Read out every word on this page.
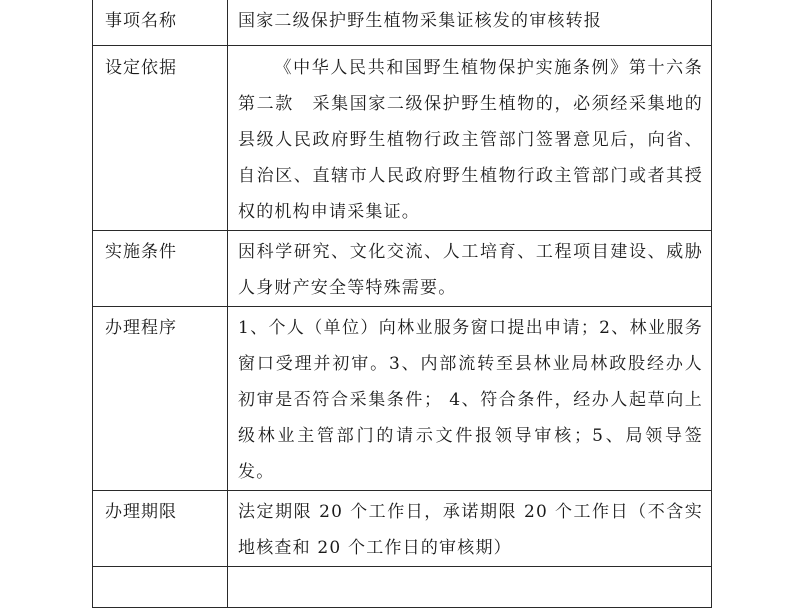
事项名称	国家二级保护野生植物采集证核发的审核转报
设定依据	《中华人民共和国野生植物保护实施条例》第十六条第二款　采集国家二级保护野生植物的，必须经采集地的县级人民政府野生植物行政主管部门签署意见后，向省、自治区、直辖市人民政府野生植物行政主管部门或者其授权的机构申请采集证。
实施条件	因科学研究、文化交流、人工培育、工程项目建设、威胁人身财产安全等特殊需要。
办理程序	1、个人（单位）向林业服务窗口提出申请；2、林业服务窗口受理并初审。3、内部流转至县林业局林政股经办人初审是否符合采集条件； 4、符合条件，经办人起草向上级林业主管部门的请示文件报领导审核；5、局领导签发。
办理期限	法定期限 20 个工作日，承诺期限 20 个工作日（不含实地核查和 20 个工作日的审核期）
